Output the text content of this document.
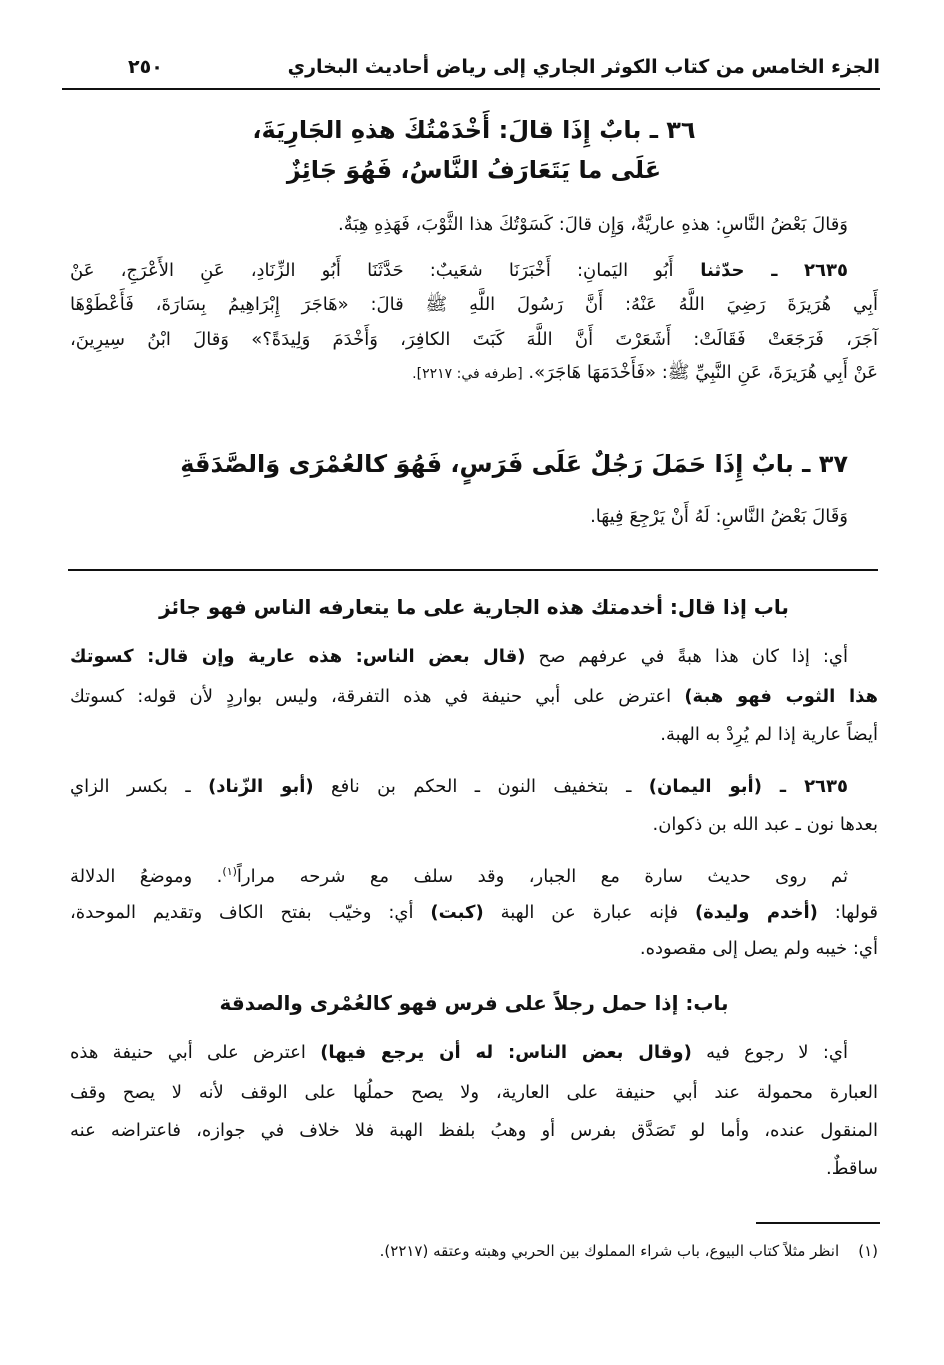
الجزء الخامس من كتاب الكوثر الجاري إلى رياض أحاديث البخاري
٢٥٠
٣٦ ـ بابٌ إِذَا قالَ: أَخْدَمْتُكَ هذهِ الجَارِيَةَ،
عَلَى ما يَتَعَارَفُ النَّاسُ، فَهُوَ جَائِزٌ
وَقالَ بَعْضُ النَّاسِ: هذهِ عاريَّةٌ، وَإِن قالَ: كَسَوْتُكَ هذا الثَّوْبَ، فَهَذِهِ هِبَةٌ.
٢٦٣٥ ـ حدّثنا أَبُو اليَمانِ: أَخْبَرَنَا شعَيبٌ: حَدَّثَنَا أَبُو الزِّنَادِ، عَنِ الأَعْرَجِ، عَنْ
أَبِي هُرَيرَةَ رَضِيَ اللَّهُ عَنْهُ: أَنَّ رَسُولَ اللَّهِ ﷺ قالَ: «هَاجَرَ إِبْرَاهِيمُ بِسَارَةَ، فَأَعْطَوْهَا
آجَرَ، فَرَجَعَتْ فَقَالَتْ: أَشَعَرْتَ أَنَّ اللَّهَ كَبَتَ الكافِرَ، وَأَخْدَمَ وَلِيدَةً؟» وَقالَ ابْنُ سِيرِينَ،
عَنْ أَبِي هُرَيرَةَ، عَنِ النَّبِيِّ ﷺ: «فَأَخْدَمَهَا هَاجَرَ». [طرفه في: ٢٢١٧].
٣٧ ـ بابٌ إِذَا حَمَلَ رَجُلٌ عَلَى فَرَسٍ، فَهُوَ كالعُمْرَى وَالصَّدَقَةِ
وَقَالَ بَعْضُ النَّاسِ: لَهُ أَنْ يَرْجِعَ فِيهَا.
باب إذا قال: أخدمتك هذه الجارية على ما يتعارفه الناس فهو جائز
أي: إذا كان هذا هبةً في عرفهم صح (قال بعض الناس: هذه عارية وإن قال: كسوتك
هذا الثوب فهو هبة) اعترض على أبي حنيفة في هذه التفرقة، وليس بواردٍ لأن قوله: كسوتك
أيضاً عارية إذا لم يُرِدْ به الهبة.
٢٦٣٥ ـ (أبو اليمان) ـ بتخفيف النون ـ الحكم بن نافع (أبو الزّناد) ـ بكسر الزاي
بعدها نون ـ عبد الله بن ذكوان.
ثم روى حديث سارة مع الجبار، وقد سلف مع شرحه مراراً$^{(١)}$. وموضعُ الدلالة
قولها: (أخدم وليدة) فإنه عبارة عن الهبة (كبت) أي: وخيّب بفتح الكاف وتقديم الموحدة،
أي: خيبه ولم يصل إلى مقصوده.
باب: إذا حمل رجلاً على فرس فهو كالعُمْرى والصدقة
أي: لا رجوع فيه (وقال بعض الناس: له أن يرجع فيها) اعترض على أبي حنيفة هذه
العبارة محمولة عند أبي حنيفة على العارية، ولا يصح حملُها على الوقف لأنه لا يصح وقف
المنقول عنده، وأما لو تَصَدَّق بفرس أو وهبُ بلفظ الهبة فلا خلاف في جوازه، فاعتراضه عنه
ساقطٌ.
(١)    انظر مثلاً كتاب البيوع، باب شراء المملوك بين الحربي وهبته وعتقه (٢٢١٧).
